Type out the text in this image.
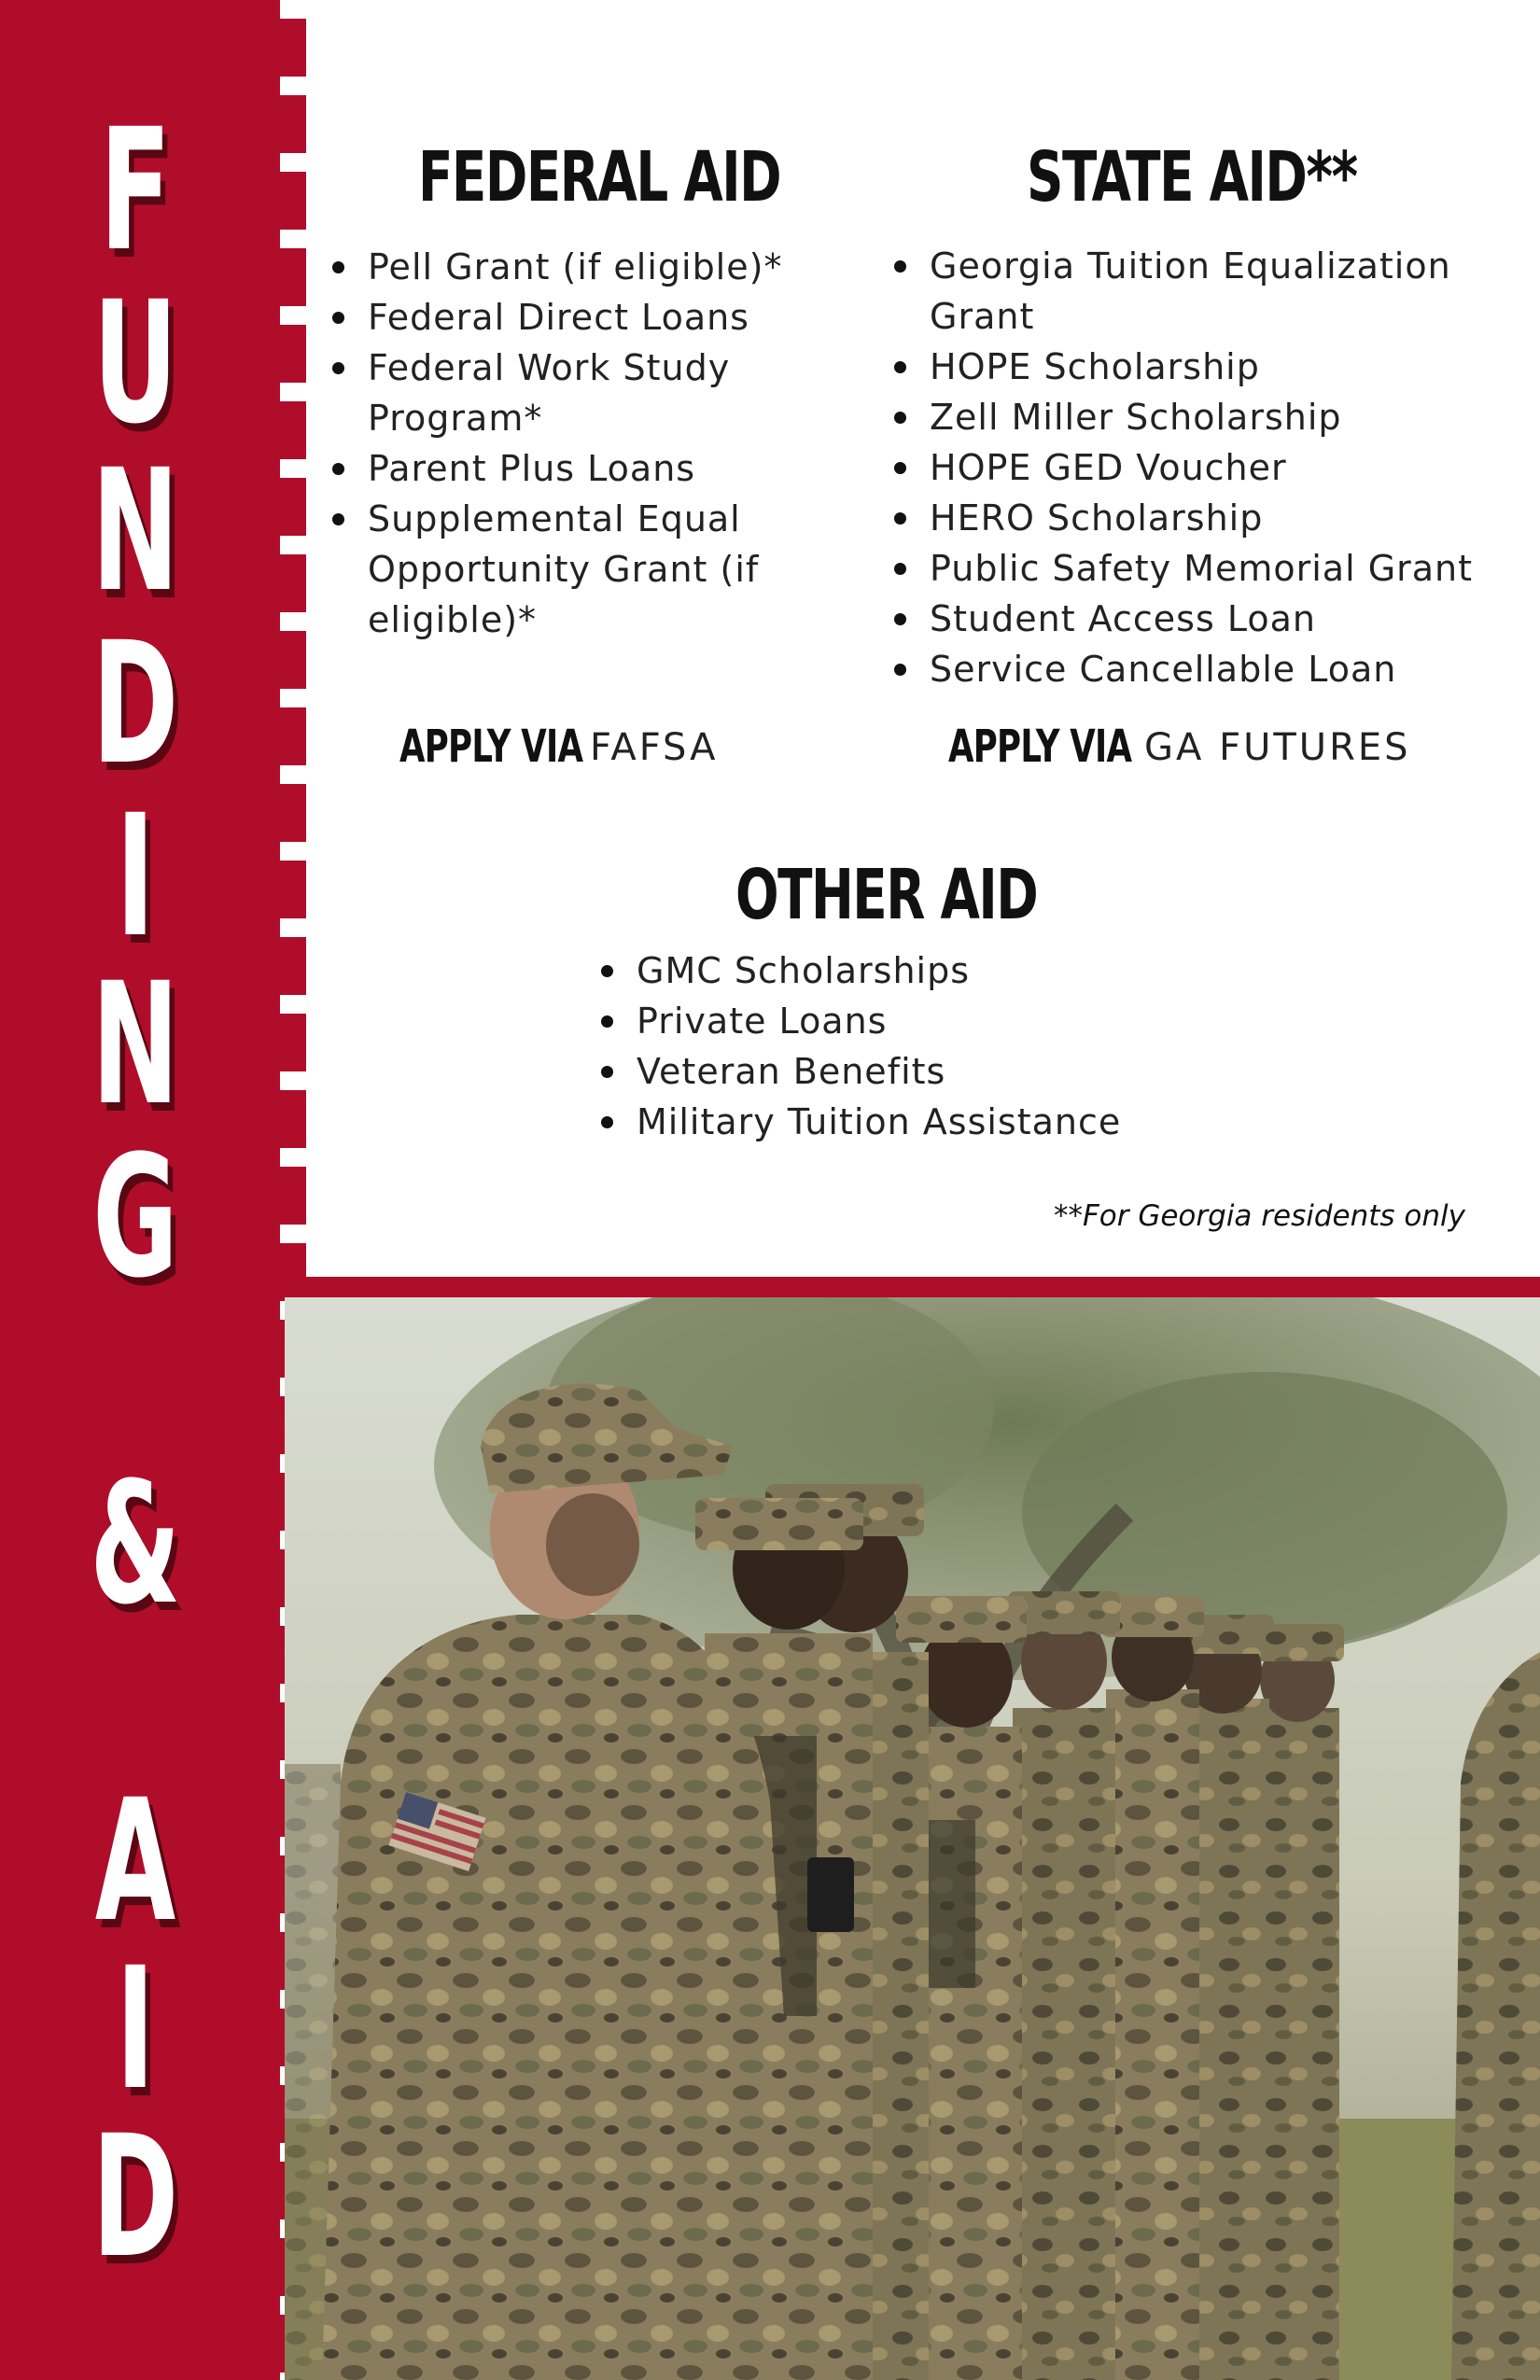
F
U
N
D
I
N
G
&
A
I
D
FEDERAL AID
Pell Grant (if eligible)*
Federal Direct Loans
Federal Work Study
Program*
Parent Plus Loans
Supplemental Equal
Opportunity Grant (if
eligible)*
APPLY VIA FAFSA
STATE AID**
Georgia Tuition Equalization
Grant
HOPE Scholarship
Zell Miller Scholarship
HOPE GED Voucher
HERO Scholarship
Public Safety Memorial Grant
Student Access Loan
Service Cancellable Loan
APPLY VIA GA FUTURES
OTHER AID
GMC Scholarships
Private Loans
Veteran Benefits
Military Tuition Assistance
**For Georgia residents only
